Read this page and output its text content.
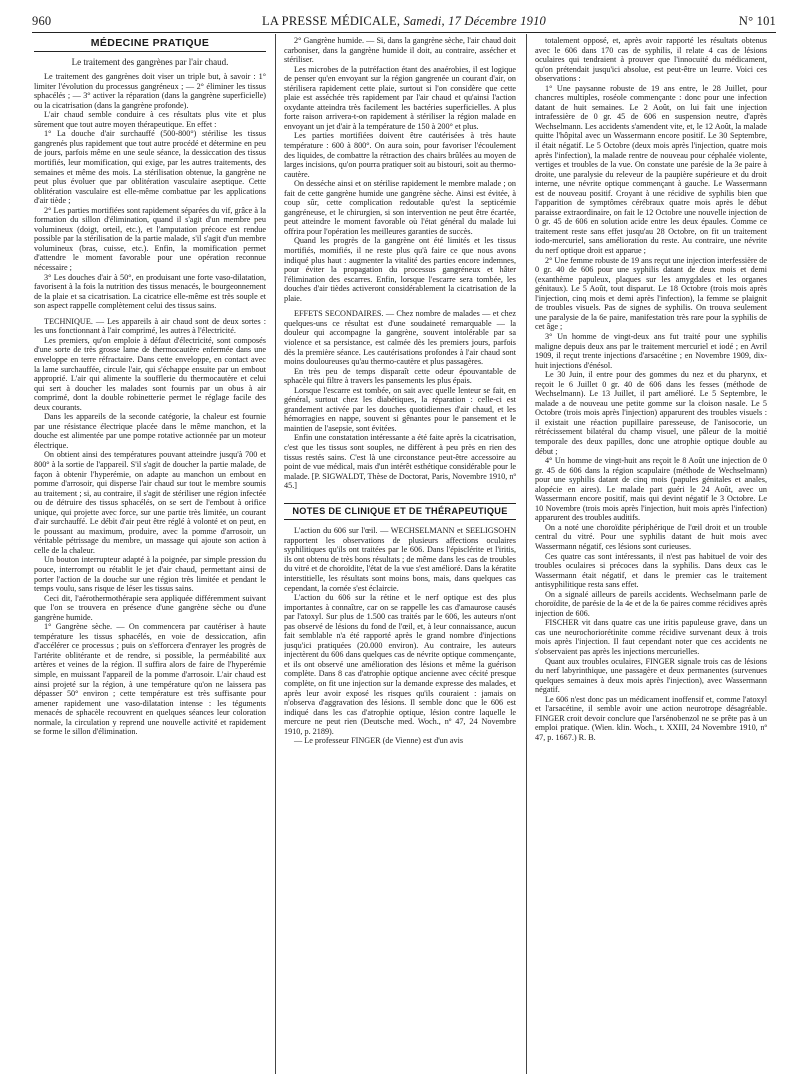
960	LA PRESSE MÉDICALE, Samedi, 17 Décembre 1910	N° 101
MÉDECINE PRATIQUE
Le traitement des gangrènes par l'air chaud.

Le traitement des gangrènes doit viser un triple but, à savoir : 1° limiter l'évolution du processus gangréneux ; — 2° éliminer les tissus sphacélés ; — 3° activer la réparation (dans la gangrène superficielle) ou la cicatrisation (dans la gangrène profonde).

L'air chaud semble conduire à ces résultats plus vite et plus sûrement que tout autre moyen thérapeutique. En effet :

1° La douche d'air surchauffé (500-800°) stérilise les tissus gangrenés plus rapidement que tout autre procédé et détermine en peu de jours, parfois même en une seule séance, la dessiccation des tissus mortifiés, leur momification, qui exige, par les autres traitements, des semaines et même des mois. La stérilisation obtenue, la gangrène ne peut plus évoluer que par oblitération vasculaire aseptique. Cette oblitération vasculaire est elle-même combattue par les applications d'air tiède ;

2° Les parties mortifiées sont rapidement séparées du vif, grâce à la formation du sillon d'élimination, quand il s'agit d'un membre peu volumineux (doigt, orteil, etc.), et l'amputation précoce est rendue possible par la stérilisation de la partie malade, s'il s'agit d'un membre volumineux (bras, cuisse, etc.). Enfin, la momification permet d'attendre le moment favorable pour une opération reconnue nécessaire ;

3° Les douches d'air à 50°, en produisant une forte vaso-dilatation, favorisent à la fois la nutrition des tissus menacés, le bourgeonnement de la plaie et sa cicatrisation. La cicatrice elle-même est très souple et son aspect rappelle complètement celui des tissus sains.

TECHNIQUE. — Les appareils à air chaud sont de deux sortes : les uns fonctionnant à l'air comprimé, les autres à l'électricité.

Les premiers, qu'on emploie à défaut d'électricité, sont composés d'une sorte de très grosse lame de thermocautère enfermée dans une enveloppe en terre réfractaire. Dans cette enveloppe, en contact avec la lame surchauffée, circule l'air, qui s'échappe ensuite par un embout approprié. L'air qui alimente la soufflerie du thermocautère et celui qui sert à doucher les malades sont fournis par un obus à air comprimé, dont la double robinetterie permet le réglage facile des deux courants.

Dans les appareils de la seconde catégorie, la chaleur est fournie par une résistance électrique placée dans le même manchon, et la douche est alimentée par une pompe rotative actionnée par un moteur électrique.

On obtient ainsi des températures pouvant atteindre jusqu'à 700 et 800° à la sortie de l'appareil. S'il s'agit de doucher la partie malade, de façon à obtenir l'hyperémie, on adapte au manchon un embout en pomme d'arrosoir, qui disperse l'air chaud sur tout le membre soumis au traitement ; si, au contraire, il s'agit de stériliser une région infectée ou de détruire des tissus sphacélés, on se sert de l'embout à orifice unique, qui projette avec force, sur une partie très limitée, un courant d'air surchauffé. Le débit d'air peut être réglé à volonté et on peut, en le poussant au maximum, produire, avec la pomme d'arrosoir, un véritable pétrissage du membre, un massage qui ajoute son action à celle de la chaleur.

Un bouton interrupteur adapté à la poignée, par simple pression du pouce, interrompt ou rétablit le jet d'air chaud, permettant ainsi de porter l'action de la douche sur une région très limitée et pendant le temps voulu, sans risque de léser les tissus sains.

Ceci dit, l'aérothermothérapie sera appliquée différemment suivant que l'on se trouvera en présence d'une gangrène sèche ou d'une gangrène humide.

1° Gangrène sèche. — On commencera par cautériser à haute température les tissus sphacélés, en voie de dessiccation, afin d'accélérer ce processus ; puis on s'efforcera d'enrayer les progrès de l'artérite oblitérante et de rendre, si possible, la perméabilité aux artères et veines de la région. Il suffira alors de faire de l'hyperémie simple, en muissant l'appareil de la pomme d'arrosoir. L'air chaud est ainsi projeté sur la région, à une température qu'on ne laissera pas dépasser 50° environ ; cette température est très suffisante pour amener rapidement une vaso-dilatation intense : les téguments menacés de sphacèle recouvrent en quelques séances leur coloration normale, la circulation y reprend une nouvelle activité et rapidement se forme le sillon d'élimination.

2° Gangrène humide. — Si, dans la gangrène sèche, l'air chaud doit carboniser, dans la gangrène humide il doit, au contraire, assécher et stériliser.

Les microbes de la putréfaction étant des anaérobies, il est logique de penser qu'en envoyant sur la région gangrenée un courant d'air, on stérilisera rapidement cette plaie, surtout si l'on considère que cette plaie est asséchée très rapidement par l'air chaud et qu'ainsi l'action oxydante atteindra très facilement les bactéries superficielles. A plus forte raison arrivera-t-on rapidement à stériliser la région malade en envoyant un jet d'air à la température de 150 à 200° et plus.

Les parties mortifiées doivent être cautérisées à très haute température : 600 à 800°. On aura soin, pour favoriser l'écoulement des liquides, de combattre la rétraction des chairs brûlées au moyen de larges incisions, qu'on pourra pratiquer soit au bistouri, soit au thermo-cautère.

On desséche ainsi et on stérilise rapidement le membre malade ; on fait de cette gangrène humide une gangrène sèche. Ainsi est évitée, à coup sûr, cette complication redoutable qu'est la septicémie gangréneuse, et le chirurgien, si son intervention ne peut être écartée, peut atteindre le moment favorable où l'état général du malade lui offrira pour l'opération les meilleures garanties de succès.

Quand les progrès de la gangrène ont été limités et les tissus mortifiés, momifiés, il ne reste plus qu'à faire ce que nous avons indiqué plus haut : augmenter la vitalité des parties encore indemnes, pour éviter la propagation du processus gangréneux et hâter l'élimination des escarres. Enfin, lorsque l'escarre sera tombée, les douches d'air tièdes activeront considérablement la cicatrisation de la plaie.

EFFETS SECONDAIRES. — Chez nombre de malades — et chez quelques-uns ce résultat est d'une soudaineté remarquable — la douleur qui accompagne la gangrène, souvent intolérable par sa violence et sa persistance, est calmée dès les premiers jours, parfois dès la première séance. Les cautérisations profondes à l'air chaud sont moins douloureuses qu'au thermo-cautère et plus passagères.

En très peu de temps disparaît cette odeur épouvantable de sphacèle qui filtre à travers les pansements les plus épais.

Lorsque l'escarre est tombée, on sait avec quelle lenteur se fait, en général, surtout chez les diabétiques, la réparation : celle-ci est grandement activée par les douches quotidiennes d'air chaud, et les hémorragies en nappe, souvent si gênantes pour le pansement et le maintien de l'asepsie, sont évitées.

Enfin une constatation intéressante a été faite après la cicatrisation, c'est que les tissus sont souples, ne diffèrent à peu près en rien des tissus restés sains. C'est là une circonstance peut-être accessoire au point de vue médical, mais d'un intérêt esthétique considérable pour le malade. [P. SIGWALDT, Thèse de Doctorat, Paris, Novembre 1910, nº 45.]

NOTES DE CLINIQUE ET DE THÉRAPEUTIQUE

L'action du 606 sur l'œil. — WECHSELMANN et SEELIGSOHN rapportent les observations de plusieurs affections oculaires syphilitiques qu'ils ont traitées par le 606. Dans l'épisclérite et l'iritis, ils ont obtenu de très bons résultats ; de même dans les cas de troubles du vitré et de choroïdite, l'état de la vue s'est amélioré. Dans la kératite interstitielle, les résultats sont moins bons, mais, dans quelques cas cependant, la cornée s'est éclaircie.

L'action du 606 sur la rétine et le nerf optique est des plus importantes à connaître, car on se rappelle les cas d'amaurose causés par l'atoxyl. Sur plus de 1.500 cas traités par le 606, les auteurs n'ont pas observé de lésions du fond de l'œil, et, à leur connaissance, aucun fait semblable n'a été rapporté après le grand nombre d'injections jusqu'ici pratiquées (20.000 environ). Au contraire, les auteurs injectèrent du 606 dans quelques cas de névrite optique commençante, et ils ont observé une amélioration des lésions et même la guérison complète. Dans 8 cas d'atrophie optique ancienne avec cécité presque complète, on fit une injection sur la demande expresse des malades, et après leur avoir exposé les risques qu'ils couraient : jamais on n'observa d'aggravation des lésions. Il semble donc que le 606 est indiqué dans les cas d'atrophie optique, lésion contre laquelle le mercure ne peut rien (Deutsche med. Woch., nº 47, 24 Novembre 1910, p. 2189).

— Le professeur FINGER (de Vienne) est d'un avis

totalement opposé, et, après avoir rapporté les résultats obtenus avec le 606 dans 170 cas de syphilis, il relate 4 cas de lésions oculaires qui tendraient à prouver que l'innocuité du médicament, qu'on prétendait jusqu'ici absolue, est peut-être un leurre. Voici ces observations :

1° Une paysanne robuste de 19 ans entre, le 28 Juillet, pour chancres multiples, roséole commençante : donc pour une infection datant de huit semaines. Le 2 Août, on lui fait une injection intrafessière de 0 gr. 45 de 606 en suspension neutre, d'après Wechselmann. Les accidents s'amendent vite, et, le 12 Août, la malade quitte l'hôpital avec un Wassermann encore positif. Le 30 Septembre, il était négatif. Le 5 Octobre (deux mois après l'injection, quatre mois après l'infection), la malade rentre de nouveau pour céphalée violente, vertiges et troubles de la vue. On constate une parésie de la 3e paire à droite, une paralysie du releveur de la paupière supérieure et du droit interne, une névrite optique commençant à gauche. Le Wassermann est de nouveau positif. Croyant à une récidive de syphilis bien que l'apparition de symptômes cérébraux quatre mois après le début paraisse extraordinaire, on fait le 12 Octobre une nouvelle injection de 0 gr. 45 de 606 en solution acide entre les deux épaules. Comme ce traitement reste sans effet jusqu'au 28 Octobre, on fit un traitement iodo-mercuriel, sans amélioration du reste. Au contraire, une névrite du nerf optique droit est apparue ;

2° Une femme robuste de 19 ans reçut une injection interfessière de 0 gr. 40 de 606 pour une syphilis datant de deux mois et demi (exanthème papuleux, plaques sur les amygdales et les organes génitaux). Le 5 Août, tout disparut. Le 18 Octobre (trois mois après l'injection, cinq mois et demi après l'infection), la femme se plaignit de troubles visuels. Pas de signes de syphilis. On trouva seulement une paralysie de la 6e paire, manifestation très rare pour la syphilis de cet âge ;

3° Un homme de vingt-deux ans fut traité pour une syphilis maligne depuis deux ans par le traitement mercuriel et iodé ; en Avril 1909, il reçut trente injections d'arsacétine ; en Novembre 1909, dix-huit injections d'énésol.

Le 30 Juin, il entre pour des gommes du nez et du pharynx, et reçoit le 6 Juillet 0 gr. 40 de 606 dans les fesses (méthode de Wechselmann). Le 13 Juillet, il part amélioré. Le 5 Septembre, le malade a de nouveau une petite gomme sur la cloison nasale. Le 5 Octobre (trois mois après l'injection) apparurent des troubles visuels : il existait une réaction pupillaire paresseuse, de l'anisocorie, un rétrécissement bilatéral du champ visuel, une pâleur de la moitié temporale des deux papilles, donc une atrophie optique double au début ;

4° Un homme de vingt-huit ans reçoit le 8 Août une injection de 0 gr. 45 de 606 dans la région scapulaire (méthode de Wechselmann) pour une syphilis datant de cinq mois (papules génitales et anales, alopécie en aires). Le malade part guéri le 24 Août, avec un Wassermann encore positif, mais qui devint négatif le 3 Octobre. Le 10 Novembre (trois mois après l'injection, huit mois après l'infection) apparurent des troubles auditifs.

On a noté une choroïdite périphérique de l'œil droit et un trouble central du vitré. Pour une syphilis datant de huit mois avec Wassermann négatif, ces lésions sont curieuses.

Ces quatre cas sont intéressants, il n'est pas habituel de voir des troubles oculaires si précoces dans la syphilis. Dans deux cas le Wassermann était négatif, et dans le premier cas le traitement antisyphilitique resta sans effet.

On a signalé ailleurs de pareils accidents. Wechselmann parle de choroïdite, de parésie de la 4e et de la 6e paires comme récidives après injection de 606.

FISCHER vit dans quatre cas une iritis papuleuse grave, dans un cas une neurochoriorétinite comme récidive survenant deux à trois mois après l'injection. Il faut cependant noter que ces accidents ne s'observaient pas après les injections mercurielles.

Quant aux troubles oculaires, FINGER signale trois cas de lésions du nerf labyrinthique, une passagère et deux permanentes (survenues quelques semaines à deux mois après l'injection), avec Wassermann négatif.

Le 606 n'est donc pas un médicament inoffensif et, comme l'atoxyl et l'arsacétine, il semble avoir une action neurotrope désagréable. FINGER croit devoir conclure que l'arsénobenzol ne se prête pas à un emploi pratique. (Wien. klin. Woch., t. XXIII, 24 Novembre 1910, nº 47, p. 1667.) R. B.
